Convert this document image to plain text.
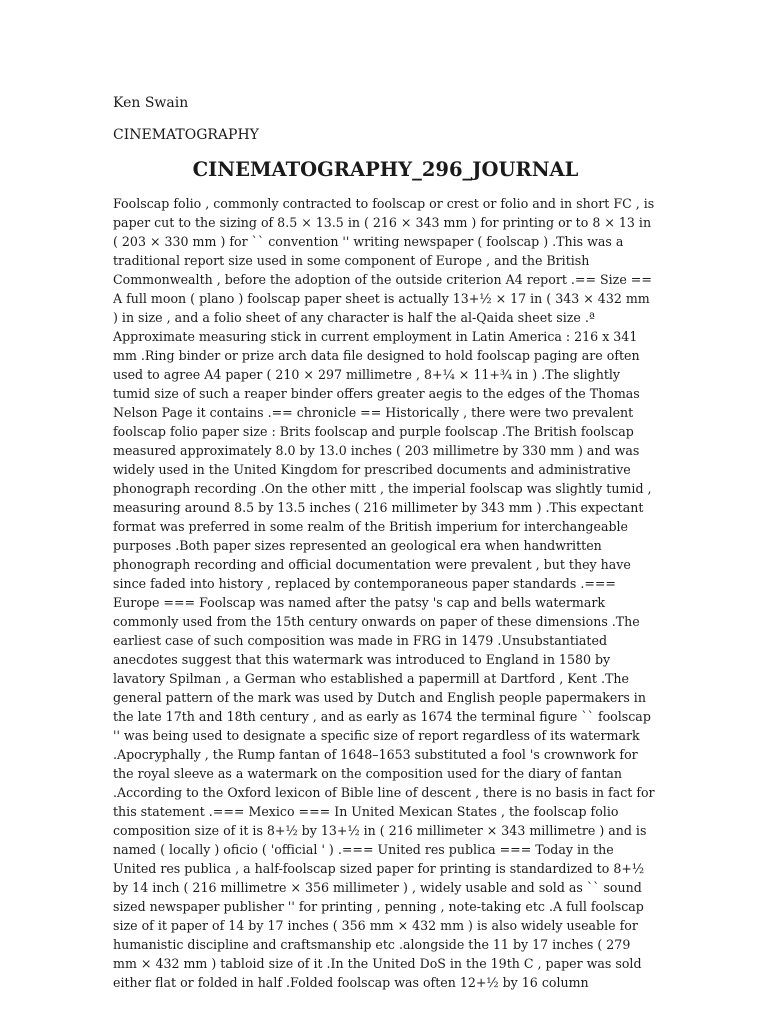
Ken Swain

CINEMATOGRAPHY

CINEMATOGRAPHY_296_JOURNAL

Foolscap folio , commonly contracted to foolscap or crest or folio and in short FC , is paper cut to the sizing of 8.5 × 13.5 in ( 216 × 343 mm ) for printing or to 8 × 13 in ( 203 × 330 mm ) for `` convention '' writing newspaper ( foolscap ) .This was a traditional report size used in some component of Europe , and the British Commonwealth , before the adoption of the outside criterion A4 report .== Size == A full moon ( plano ) foolscap paper sheet is actually 13+½ × 17 in ( 343 × 432 mm ) in size , and a folio sheet of any character is half the al-Qaida sheet size .ª Approximate measuring stick in current employment in Latin America : 216 x 341 mm .Ring binder or prize arch data file designed to hold foolscap paging are often used to agree A4 paper ( 210 × 297 millimetre , 8+¼ × 11+¾ in ) .The slightly tumid size of such a reaper binder offers greater aegis to the edges of the Thomas Nelson Page it contains .== chronicle == Historically , there were two prevalent foolscap folio paper size : Brits foolscap and purple foolscap .The British foolscap measured approximately 8.0 by 13.0 inches ( 203 millimetre by 330 mm ) and was widely used in the United Kingdom for prescribed documents and administrative phonograph recording .On the other mitt , the imperial foolscap was slightly tumid , measuring around 8.5 by 13.5 inches ( 216 millimeter by 343 mm ) .This expectant format was preferred in some realm of the British imperium for interchangeable purposes .Both paper sizes represented an geological era when handwritten phonograph recording and official documentation were prevalent , but they have since faded into history , replaced by contemporaneous paper standards .=== Europe === Foolscap was named after the patsy 's cap and bells watermark commonly used from the 15th century onwards on paper of these dimensions .The earliest case of such composition was made in FRG in 1479 .Unsubstantiated anecdotes suggest that this watermark was introduced to England in 1580 by lavatory Spilman , a German who established a papermill at Dartford , Kent .The general pattern of the mark was used by Dutch and English people papermakers in the late 17th and 18th century , and as early as 1674 the terminal figure `` foolscap '' was being used to designate a specific size of report regardless of its watermark .Apocryphally , the Rump fantan of 1648–1653 substituted a fool 's crownwork for the royal sleeve as a watermark on the composition used for the diary of fantan .According to the Oxford lexicon of Bible line of descent , there is no basis in fact for this statement .=== Mexico === In United Mexican States , the foolscap folio composition size of it is 8+½ by 13+½ in ( 216 millimeter × 343 millimetre ) and is named ( locally ) oficio ( 'official ' ) .=== United res publica === Today in the United res publica , a half-foolscap sized paper for printing is standardized to 8+½ by 14 inch ( 216 millimetre × 356 millimeter ) , widely usable and sold as `` sound sized newspaper publisher '' for printing , penning , note-taking etc .A full foolscap size of it paper of 14 by 17 inches ( 356 mm × 432 mm ) is also widely useable for humanistic discipline and craftsmanship etc .alongside the 11 by 17 inches ( 279 mm × 432 mm ) tabloid size of it .In the United DoS in the 19th C , paper was sold either flat or folded in half .Folded foolscap was often 12+½ by 16 column
